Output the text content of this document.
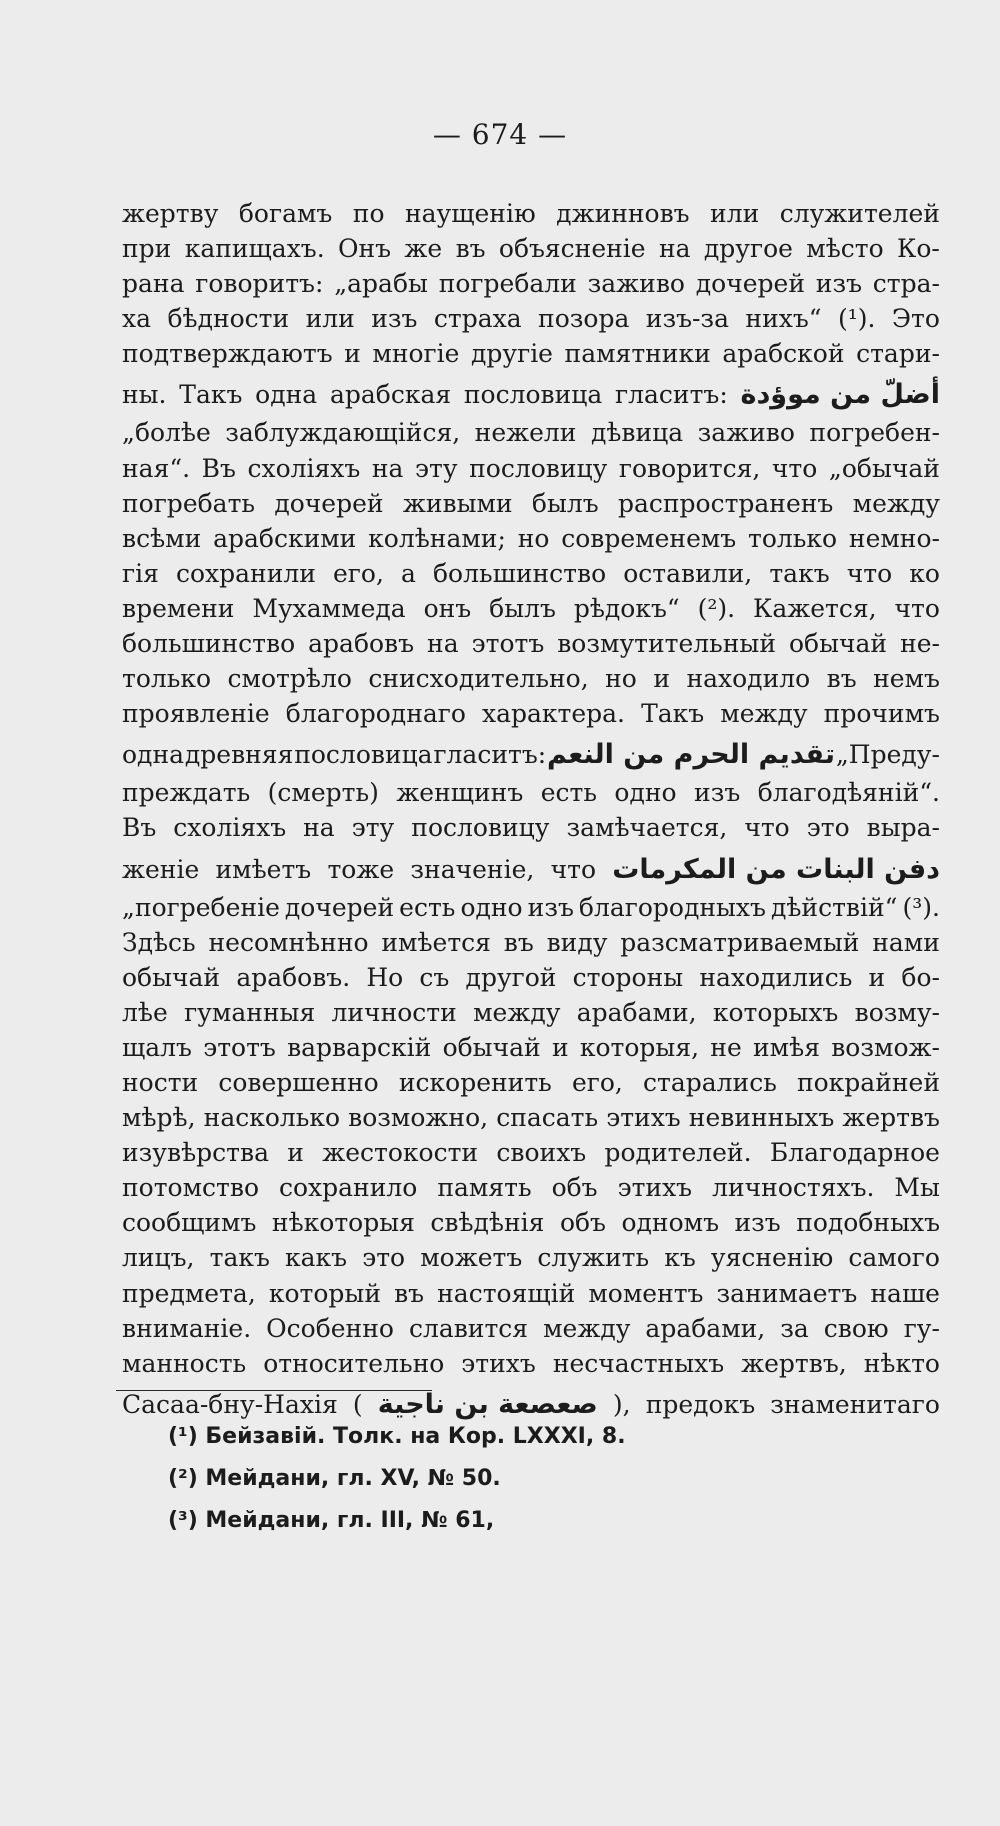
— 674 —
жертву богамъ по наущенію джинновъ или служителей
при капищахъ. Онъ же въ объясненіе на другое мѣсто Ко-
рана говоритъ: „арабы погребали заживо дочерей изъ стра-
ха бѣдности или изъ страха позора изъ-за нихъ“ (¹). Это
подтверждаютъ и многіе другіе памятники арабской стари-
ны. Такъ одна арабская пословица гласитъ: أضلّ من موؤدة
„болѣе заблуждающійся, нежели дѣвица заживо погребен-
ная“. Въ схоліяхъ на эту пословицу говорится, что „обычай
погребать дочерей живыми былъ распространенъ между
всѣми арабскими колѣнами; но современемъ только немно-
гія сохранили его, а большинство оставили, такъ что ко
времени Мухаммеда онъ былъ рѣдокъ“ (²). Кажется, что
большинство арабовъ на этотъ возмутительный обычай не-
только смотрѣло снисходительно, но и находило въ немъ
проявленіе благороднаго характера. Такъ между прочимъ
одна древняя пословица гласитъ: تقديم الحرم من النعم „Преду-
преждать (смерть) женщинъ есть одно изъ благодѣяній“.
Въ схоліяхъ на эту пословицу замѣчается, что это выра-
женіе имѣетъ тоже значеніе, что دفن البنات من المكرمات
„погребеніе дочерей есть одно изъ благородныхъ дѣйствій“ (³).
Здѣсь несомнѣнно имѣется въ виду разсматриваемый нами
обычай арабовъ. Но съ другой стороны находились и бо-
лѣе гуманныя личности между арабами, которыхъ возму-
щалъ этотъ варварскій обычай и которыя, не имѣя возмож-
ности совершенно искоренить его, старались покрайней
мѣрѣ, насколько возможно, спасать этихъ невинныхъ жертвъ
изувѣрства и жестокости своихъ родителей. Благодарное
потомство сохранило память объ этихъ личностяхъ. Мы
сообщимъ нѣкоторыя свѣдѣнія объ одномъ изъ подобныхъ
лицъ, такъ какъ это можетъ служить къ уясненію самого
предмета, который въ настоящій моментъ занимаетъ наше
вниманіе. Особенно славится между арабами, за свою гу-
манность относительно этихъ несчастныхъ жертвъ, нѣкто
Сасаа-бну-Нахія ( صعصعة بن ناجية ), предокъ знаменитаго
(¹) Бейзавій. Толк. на Кор. LXXXI, 8.
(²) Мейдани, гл. XV, № 50.
(³) Мейдани, гл. III, № 61,
